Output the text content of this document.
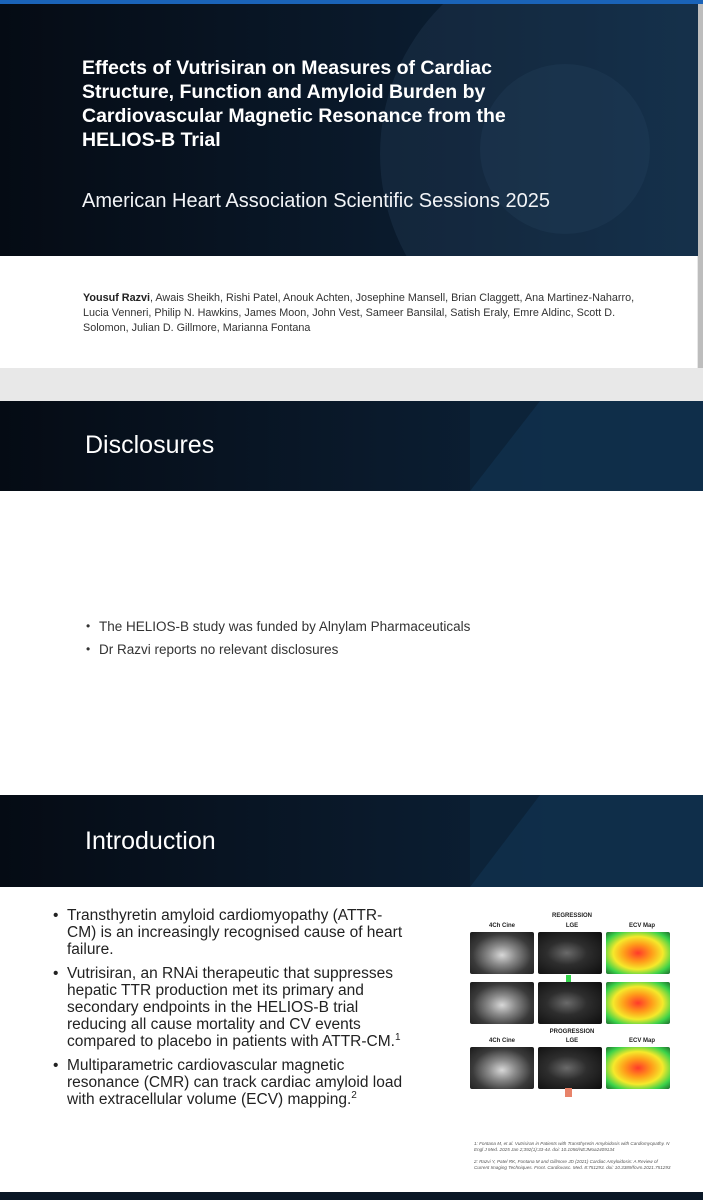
Effects of Vutrisiran on Measures of Cardiac Structure, Function and Amyloid Burden by Cardiovascular Magnetic Resonance from the HELIOS-B Trial
American Heart Association Scientific Sessions 2025

Yousuf Razvi, Awais Sheikh, Rishi Patel, Anouk Achten, Josephine Mansell, Brian Claggett, Ana Martinez-Naharro, Lucia Venneri, Philip N. Hawkins, James Moon, John Vest, Sameer Bansilal, Satish Eraly, Emre Aldinc, Scott D. Solomon, Julian D. Gillmore, Marianna Fontana

Disclosures
• The HELIOS-B study was funded by Alnylam Pharmaceuticals
• Dr Razvi reports no relevant disclosures
Introduction
• Transthyretin amyloid cardiomyopathy (ATTR-CM) is an increasingly recognised cause of heart failure.
• Vutrisiran, an RNAi therapeutic that suppresses hepatic TTR production met its primary and secondary endpoints in the HELIOS-B trial reducing all cause mortality and CV events compared to placebo in patients with ATTR-CM.$^1$
• Multiparametric cardiovascular magnetic resonance (CMR) can track cardiac amyloid load with extracellular volume (ECV) mapping.$^2$
4Ch Cine
REGRESSION
LGE	ECV Map
4Ch Cine
PROGRESSION
LGE	ECV Map

1: Fontana M, et al. Vutrisiran in Patients with Transthyretin Amyloidosis with Cardiomyopathy. N Engl J Med. 2025 Jan 2;392(1):33-44. doi: 10.1056/NEJMoa2409134

2: Razvi Y, Patel RK, Fontana M and Gillmore JD (2021) Cardiac Amyloidosis: A Review of Current Imaging Techniques. Front. Cardiovasc. Med. 8:751293. doi: 10.3389/fcvm.2021.751293
